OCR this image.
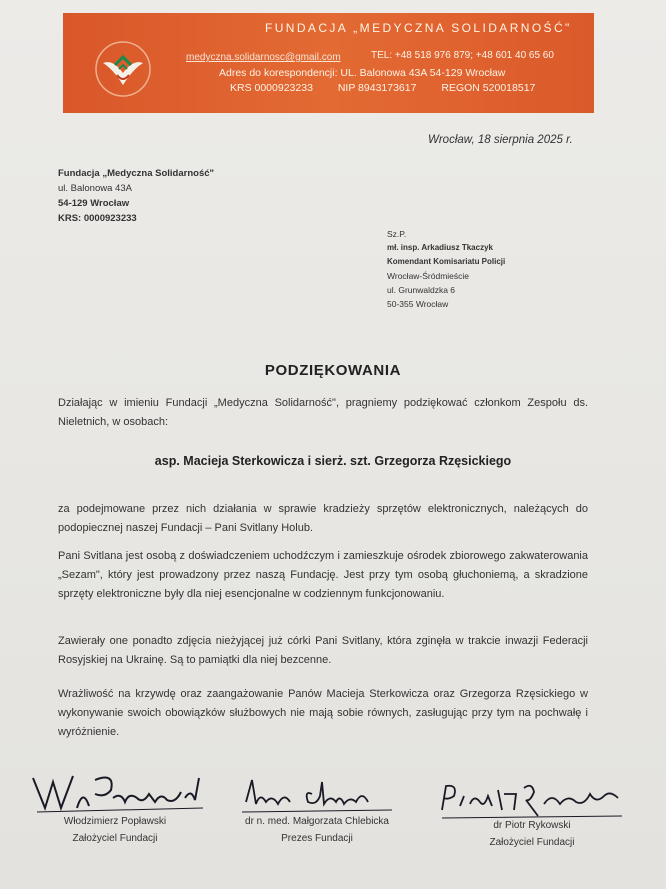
FUNDACJA „MEDYCZNA SOLIDARNOŚĆ"
medyczna.solidarnosc@gmail.com	TEL: +48 518 976 879; +48 601 40 65 60
Adres do korespondencji: UL. Balonowa 43A 54-129 Wrocław
KRS 0000923233 NIP 8943173617 REGON 520018517
Wrocław, 18 sierpnia 2025 r.
Fundacja „Medyczna Solidarność"
ul. Balonowa 43A
54-129 Wrocław
KRS: 0000923233
Sz.P.
mł. insp. Arkadiusz Tkaczyk
Komendant Komisariatu Policji
Wrocław-Śródmieście
ul. Grunwaldzka 6
50-355 Wrocław
PODZIĘKOWANIA
Działając w imieniu Fundacji „Medyczna Solidarność", pragniemy podziękować członkom Zespołu ds. Nieletnich, w osobach:
asp. Macieja Sterkowicza i sierż. szt. Grzegorza Rzęsickiego
za podejmowane przez nich działania w sprawie kradzieży sprzętów elektronicznych, należących do podopiecznej naszej Fundacji – Pani Svitlany Holub.
Pani Svitlana jest osobą z doświadczeniem uchodźczym i zamieszkuje ośrodek zbiorowego zakwaterowania „Sezam", który jest prowadzony przez naszą Fundację. Jest przy tym osobą głuchoniemą, a skradzione sprzęty elektroniczne były dla niej esencjonalne w codziennym funkcjonowaniu.
Zawierały one ponadto zdjęcia nieżyjącej już córki Pani Svitlany, która zginęła w trakcie inwazji Federacji Rosyjskiej na Ukrainę. Są to pamiątki dla niej bezcenne.
Wrażliwość na krzywdę oraz zaangażowanie Panów Macieja Sterkowicza oraz Grzegorza Rzęsickiego w wykonywanie swoich obowiązków służbowych nie mają sobie równych, zasługując przy tym na pochwałę i wyróżnienie.
Włodzimierz Popławski
Założyciel Fundacji
dr n. med. Małgorzata Chlebicka
Prezes Fundacji
dr Piotr Rykowski
Założyciel Fundacji
